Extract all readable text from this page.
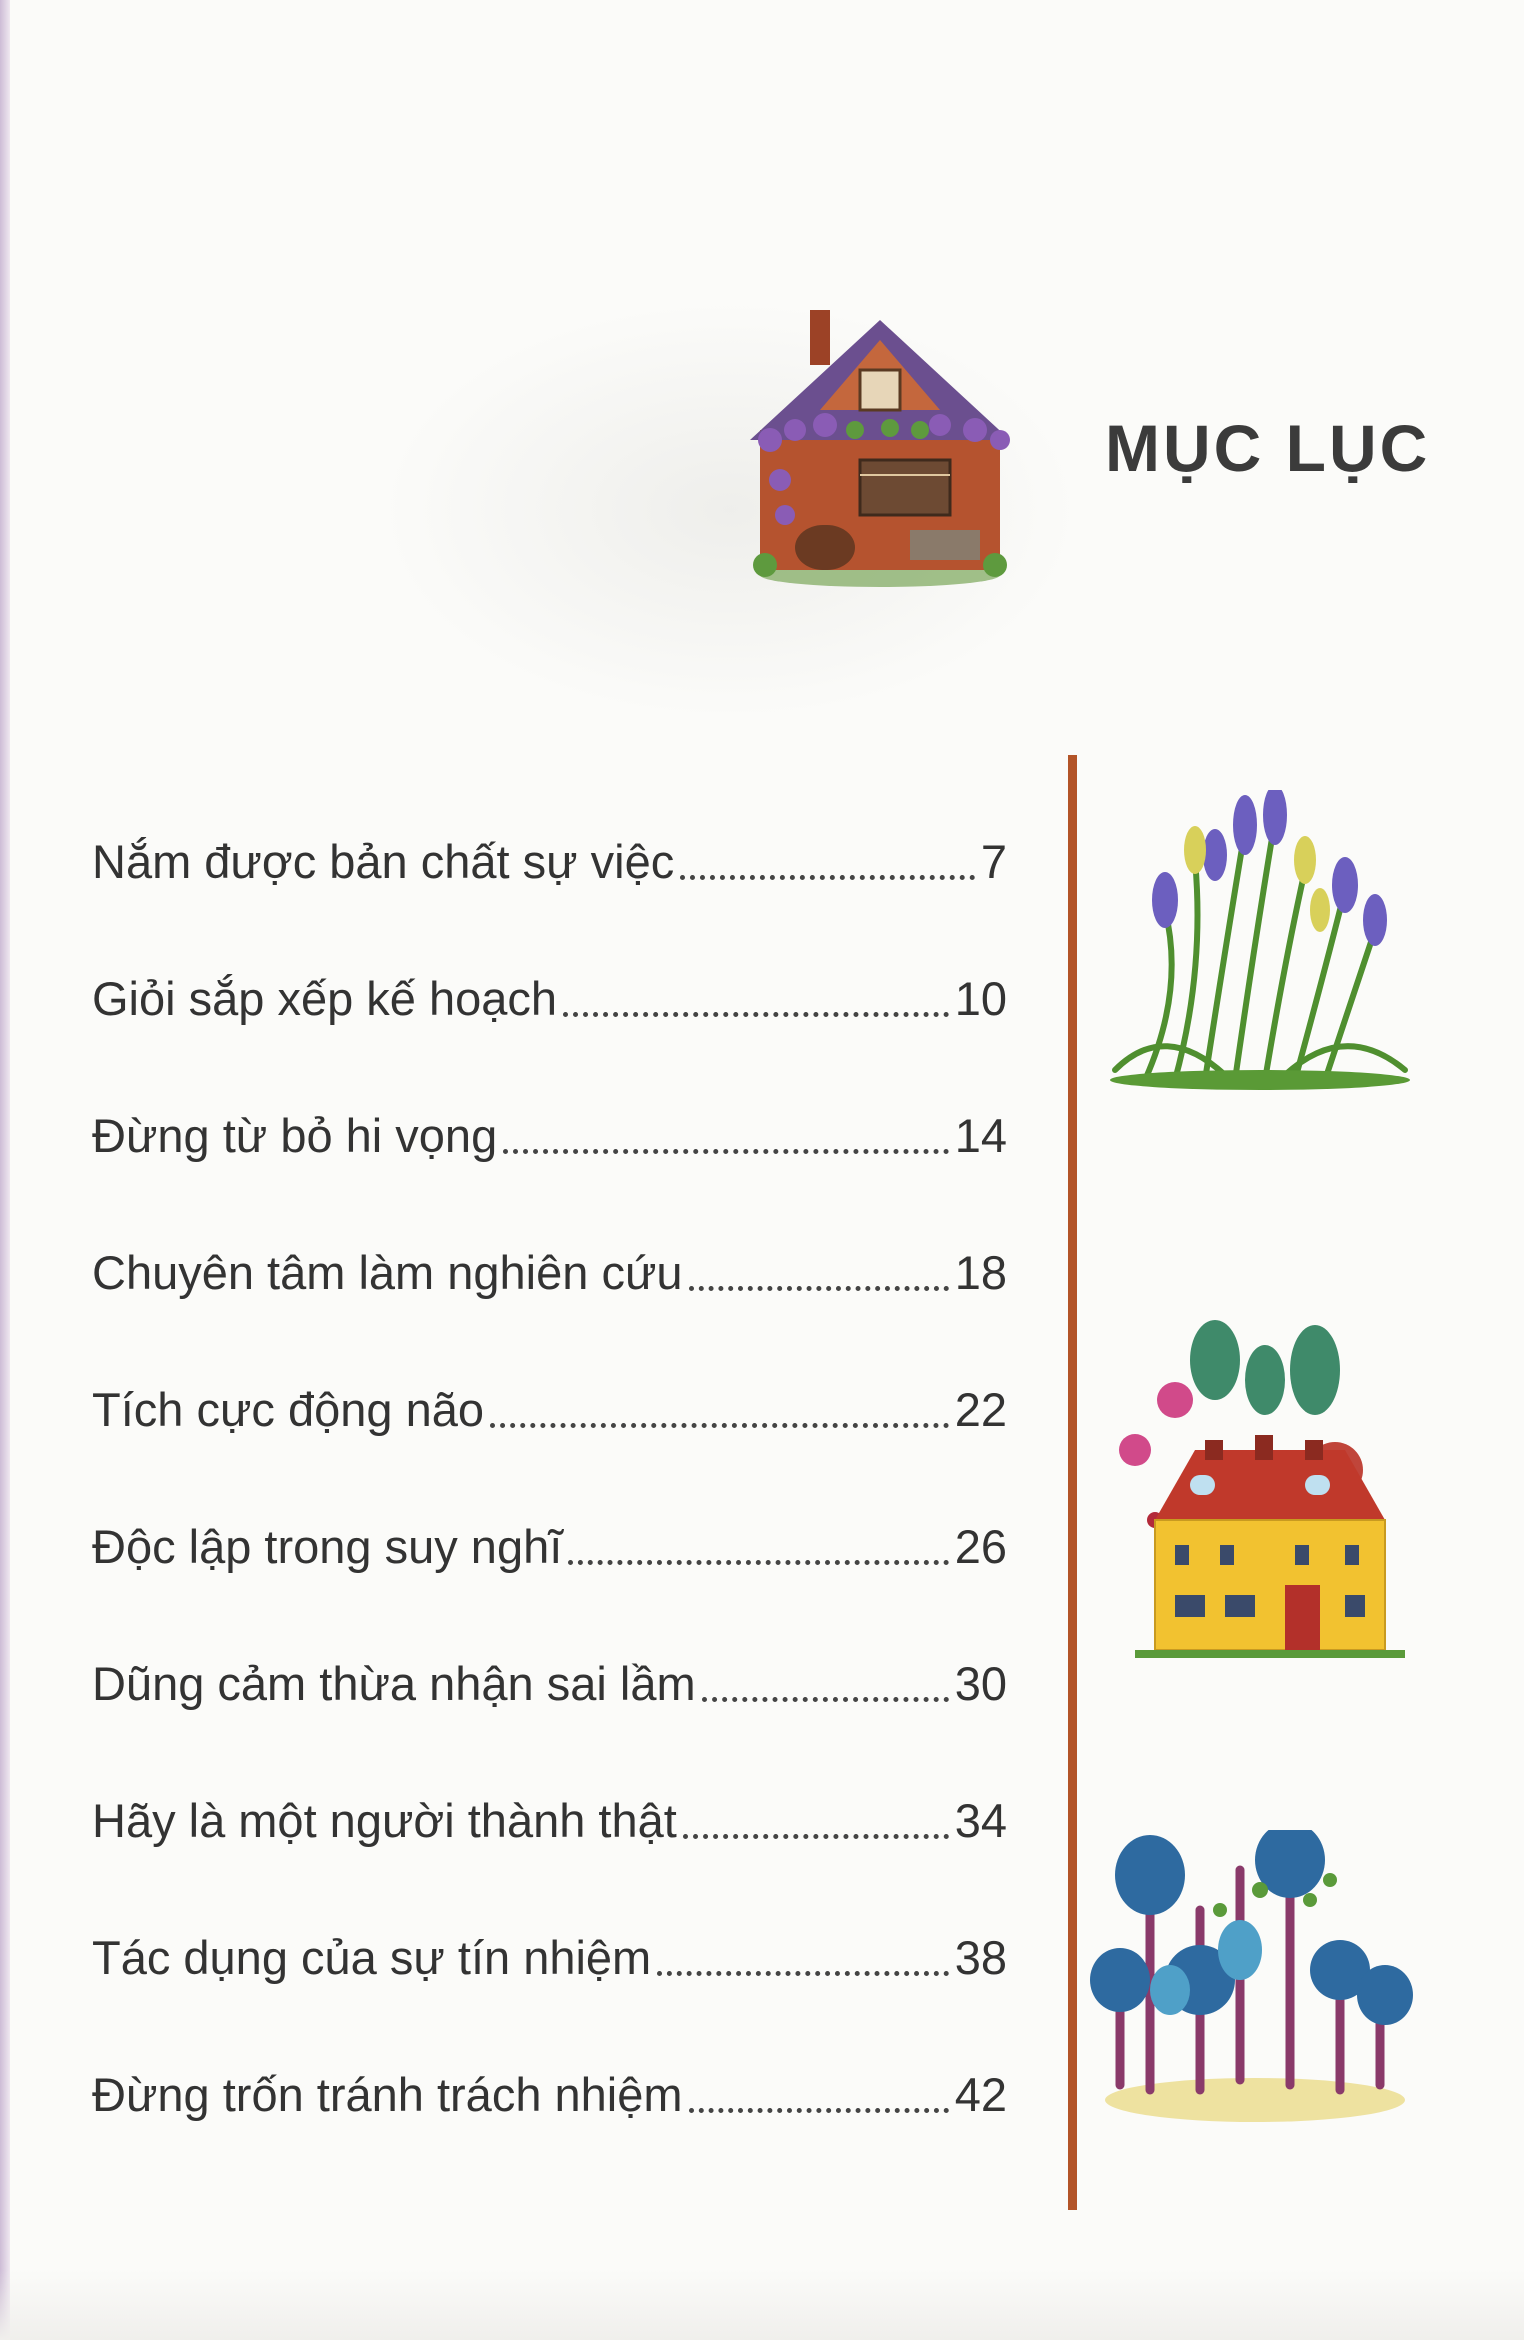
MỤC LỤC
Nắm được bản chất sự việc	7
Giỏi sắp xếp kế hoạch	10
Đừng từ bỏ hi vọng	14
Chuyên tâm làm nghiên cứu	18
Tích cực động não	22
Độc lập trong suy nghĩ	26
Dũng cảm thừa nhận sai lầm	30
Hãy là một người thành thật	34
Tác dụng của sự tín nhiệm	38
Đừng trốn tránh trách nhiệm	42
